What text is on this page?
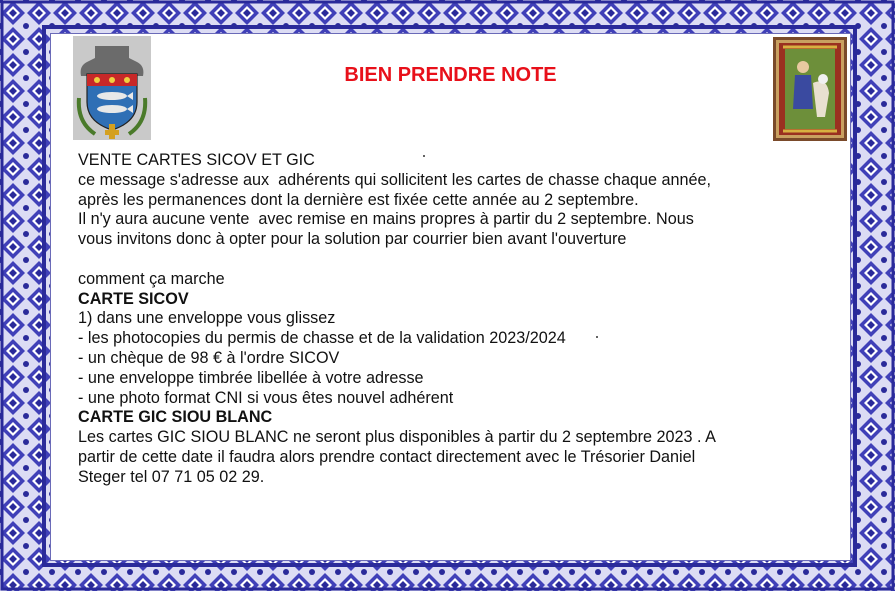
BIEN PRENDRE NOTE

VENTE CARTES SICOV ET GIC

ce message s'adresse aux  adhérents qui sollicitent les cartes de chasse chaque année,

après les permanences dont la dernière est fixée cette année au 2 septembre.

Il n'y aura aucune vente  avec remise en mains propres à partir du 2 septembre. Nous

vous invitons donc à opter pour la solution par courrier bien avant l'ouverture

comment ça marche

CARTE SICOV

1) dans une enveloppe vous glissez

- les photocopies du permis de chasse et de la validation 2023/2024

- un chèque de 98 € à l'ordre SICOV

- une enveloppe timbrée libellée à votre adresse

- une photo format CNI si vous êtes nouvel adhérent

CARTE GIC SIOU BLANC

Les cartes GIC SIOU BLANC ne seront plus disponibles à partir du 2 septembre 2023 . A

partir de cette date il faudra alors prendre contact directement avec le Trésorier Daniel

Steger tel 07 71 05 02 29.
